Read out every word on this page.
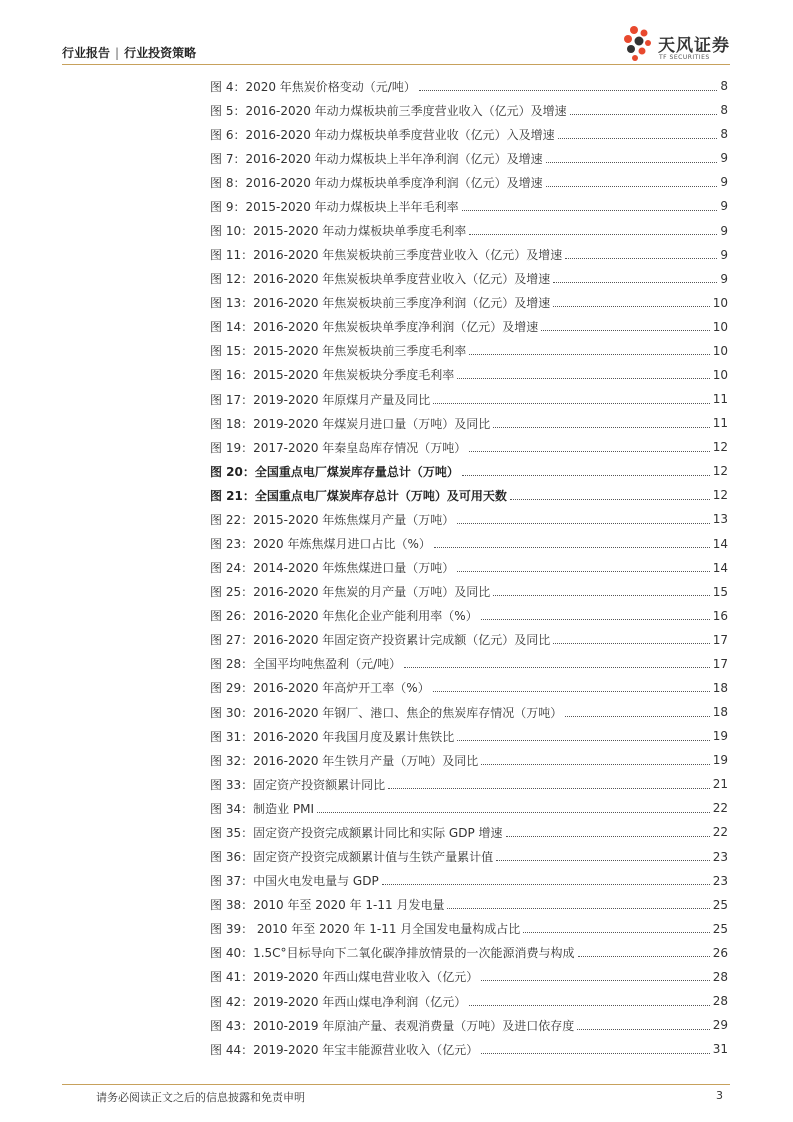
行业报告 | 行业投资策略	天风证券
TF SECURITIES
图 4：2020 年焦炭价格变动（元/吨）	8
图 5：2016-2020 年动力煤板块前三季度营业收入（亿元）及增速	8
图 6：2016-2020 年动力煤板块单季度营业收（亿元）入及增速	8
图 7：2016-2020 年动力煤板块上半年净利润（亿元）及增速	9
图 8：2016-2020 年动力煤板块单季度净利润（亿元）及增速	9
图 9：2015-2020 年动力煤板块上半年毛利率	9
图 10：2015-2020 年动力煤板块单季度毛利率	9
图 11：2016-2020 年焦炭板块前三季度营业收入（亿元）及增速	9
图 12：2016-2020 年焦炭板块单季度营业收入（亿元）及增速	9
图 13：2016-2020 年焦炭板块前三季度净利润（亿元）及增速	10
图 14：2016-2020 年焦炭板块单季度净利润（亿元）及增速	10
图 15：2015-2020 年焦炭板块前三季度毛利率	10
图 16：2015-2020 年焦炭板块分季度毛利率	10
图 17：2019-2020 年原煤月产量及同比	11
图 18：2019-2020 年煤炭月进口量（万吨）及同比	11
图 19：2017-2020 年秦皇岛库存情况（万吨）	12
图 20：全国重点电厂煤炭库存量总计（万吨）	12
图 21：全国重点电厂煤炭库存总计（万吨）及可用天数	12
图 22：2015-2020 年炼焦煤月产量（万吨）	13
图 23：2020 年炼焦煤月进口占比（%）	14
图 24：2014-2020 年炼焦煤进口量（万吨）	14
图 25：2016-2020 年焦炭的月产量（万吨）及同比	15
图 26：2016-2020 年焦化企业产能利用率（%）	16
图 27：2016-2020 年固定资产投资累计完成额（亿元）及同比	17
图 28：全国平均吨焦盈利（元/吨）	17
图 29：2016-2020 年高炉开工率（%）	18
图 30：2016-2020 年钢厂、港口、焦企的焦炭库存情况（万吨）	18
图 31：2016-2020 年我国月度及累计焦铁比	19
图 32：2016-2020 年生铁月产量（万吨）及同比	19
图 33：固定资产投资额累计同比	21
图 34：制造业 PMI	22
图 35：固定资产投资完成额累计同比和实际 GDP 增速	22
图 36：固定资产投资完成额累计值与生铁产量累计值	23
图 37：中国火电发电量与 GDP	23
图 38：2010 年至 2020 年 1-11 月发电量	25
图 39： 2010 年至 2020 年 1-11 月全国发电量构成占比	25
图 40：1.5C°目标导向下二氧化碳净排放情景的一次能源消费与构成	26
图 41：2019-2020 年西山煤电营业收入（亿元）	28
图 42：2019-2020 年西山煤电净利润（亿元）	28
图 43：2010-2019 年原油产量、表观消费量（万吨）及进口依存度	29
图 44：2019-2020 年宝丰能源营业收入（亿元）	31
请务必阅读正文之后的信息披露和免责申明	3
